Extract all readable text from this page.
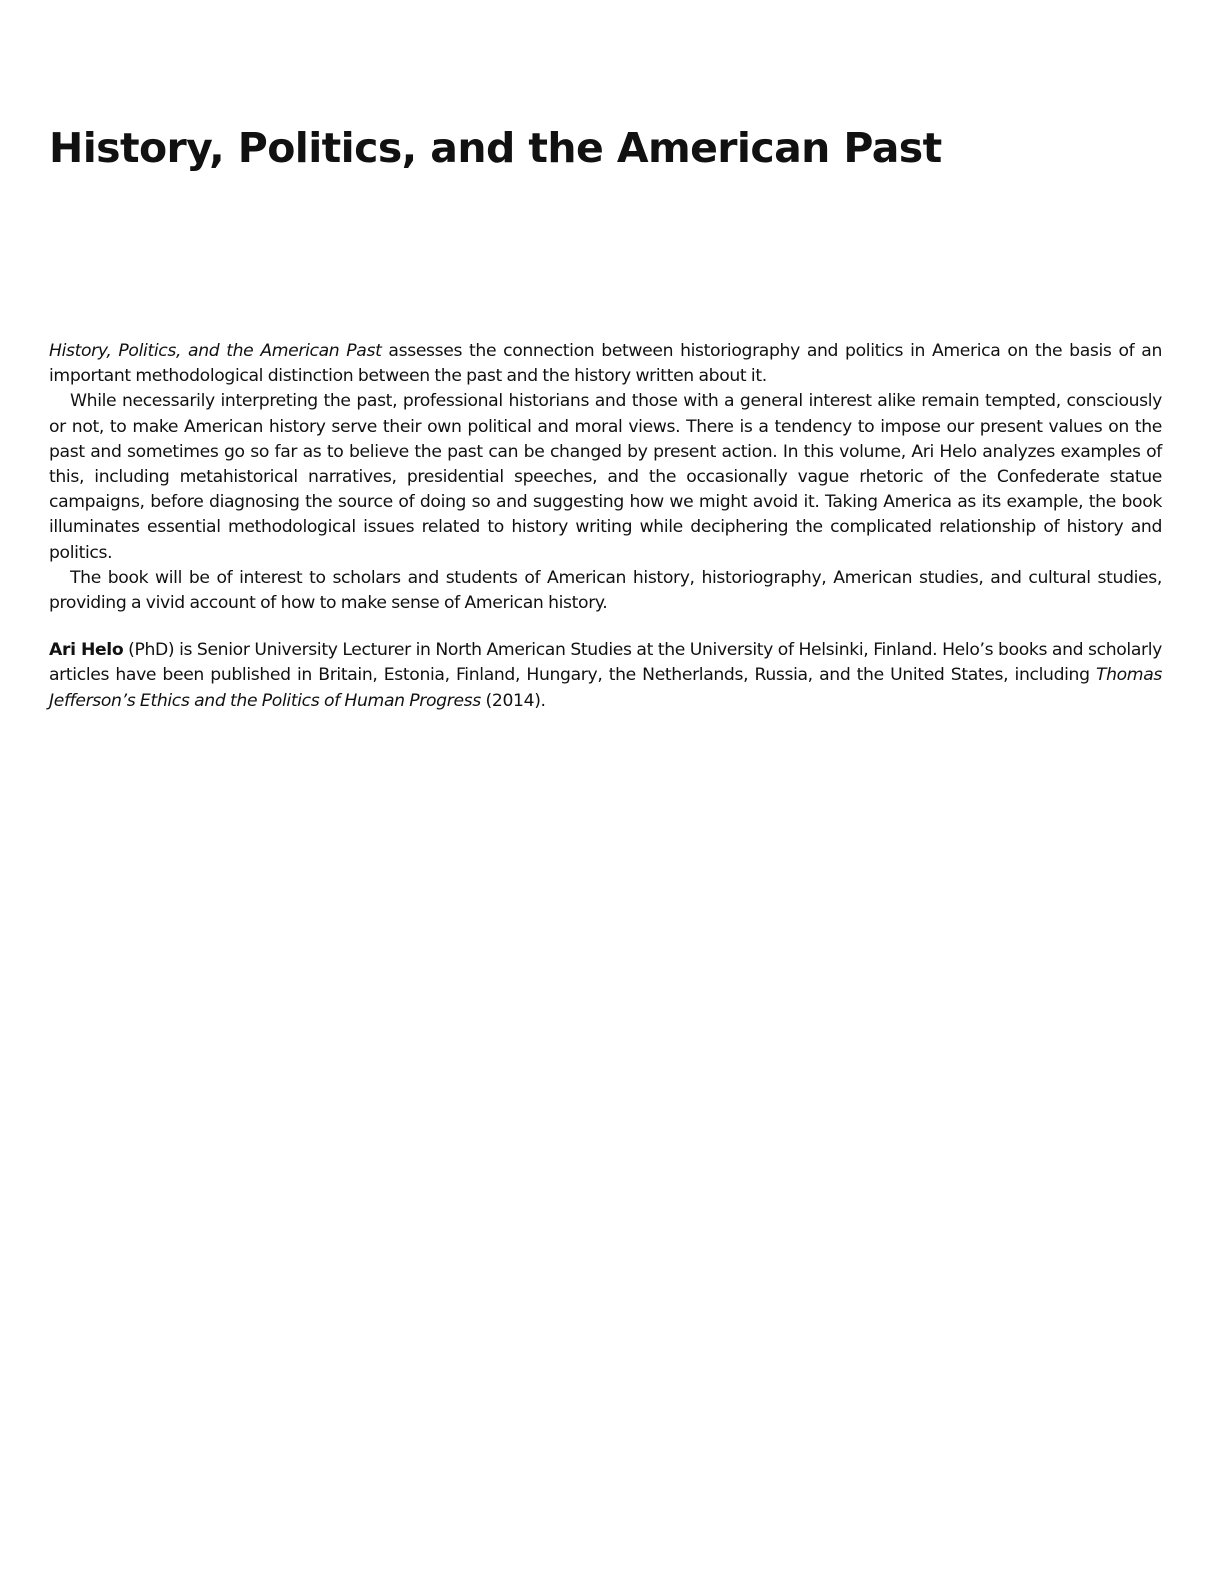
History, Politics, and the American Past

History, Politics, and the American Past assesses the connection between historiography and politics in America on the basis of an important methodological distinction between the past and the history written about it.

While necessarily interpreting the past, professional historians and those with a general interest alike remain tempted, consciously or not, to make American history serve their own political and moral views. There is a tendency to impose our present values on the past and sometimes go so far as to believe the past can be changed by present action. In this volume, Ari Helo analyzes examples of this, including metahistorical narratives, presidential speeches, and the occasionally vague rhetoric of the Confederate statue campaigns, before diagnosing the source of doing so and suggesting how we might avoid it. Taking America as its example, the book illuminates essential methodological issues related to history writing while deciphering the complicated relationship of history and politics.

The book will be of interest to scholars and students of American history, historiography, American studies, and cultural studies, providing a vivid account of how to make sense of American history.

Ari Helo (PhD) is Senior University Lecturer in North American Studies at the University of Helsinki, Finland. Helo’s books and scholarly articles have been published in Britain, Estonia, Finland, Hungary, the Netherlands, Russia, and the United States, including Thomas Jefferson’s Ethics and the Politics of Human Progress (2014).
